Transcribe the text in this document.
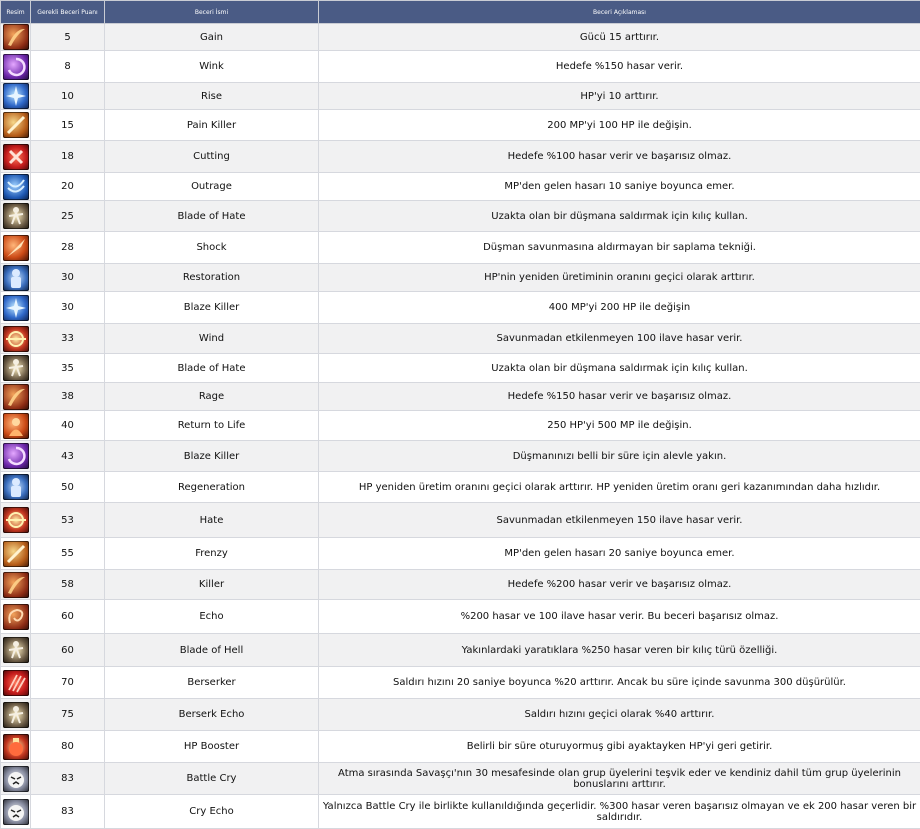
Resim	Gerekli Beceri Puanı	Beceri İsmi	Beceri Açıklaması

	5	Gain	Gücü 15 arttırır.

	8	Wink	Hedefe %150 hasar verir.

	10	Rise	HP'yi 10 arttırır.

	15	Pain Killer	200 MP'yi 100 HP ile değişin.

	18	Cutting	Hedefe %100 hasar verir ve başarısız olmaz.

	20	Outrage	MP'den gelen hasarı 10 saniye boyunca emer.

	25	Blade of Hate	Uzakta olan bir düşmana saldırmak için kılıç kullan.

	28	Shock	Düşman savunmasına aldırmayan bir saplama tekniği.

	30	Restoration	HP'nin yeniden üretiminin oranını geçici olarak arttırır.

	30	Blaze Killer	400 MP'yi 200 HP ile değişin

	33	Wind	Savunmadan etkilenmeyen 100 ilave hasar verir.

	35	Blade of Hate	Uzakta olan bir düşmana saldırmak için kılıç kullan.

	38	Rage	Hedefe %150 hasar verir ve başarısız olmaz.

	40	Return to Life	250 HP'yi 500 MP ile değişin.

	43	Blaze Killer	Düşmanınızı belli bir süre için alevle yakın.

	50	Regeneration	HP yeniden üretim oranını geçici olarak arttırır. HP yeniden üretim oranı geri kazanımından daha hızlıdır.

	53	Hate	Savunmadan etkilenmeyen 150 ilave hasar verir.

	55	Frenzy	MP'den gelen hasarı 20 saniye boyunca emer.

	58	Killer	Hedefe %200 hasar verir ve başarısız olmaz.

	60	Echo	%200 hasar ve 100 ilave hasar verir. Bu beceri başarısız olmaz.

	60	Blade of Hell	Yakınlardaki yaratıklara %250 hasar veren bir kılıç türü özelliği.

	70	Berserker	Saldırı hızını 20 saniye boyunca %20 arttırır. Ancak bu süre içinde savunma 300 düşürülür.

	75	Berserk Echo	Saldırı hızını geçici olarak %40 arttırır.

	80	HP Booster	Belirli bir süre oturuyormuş gibi ayaktayken HP'yi geri getirir.

	83	Battle Cry	Atma sırasında Savaşçı'nın 30 mesafesinde olan grup üyelerini teşvik eder ve kendiniz dahil tüm grup üyelerinin bonuslarını arttırır.

	83	Cry Echo	Yalnızca Battle Cry ile birlikte kullanıldığında geçerlidir. %300 hasar veren başarısız olmayan ve ek 200 hasar veren bir saldırıdır.
